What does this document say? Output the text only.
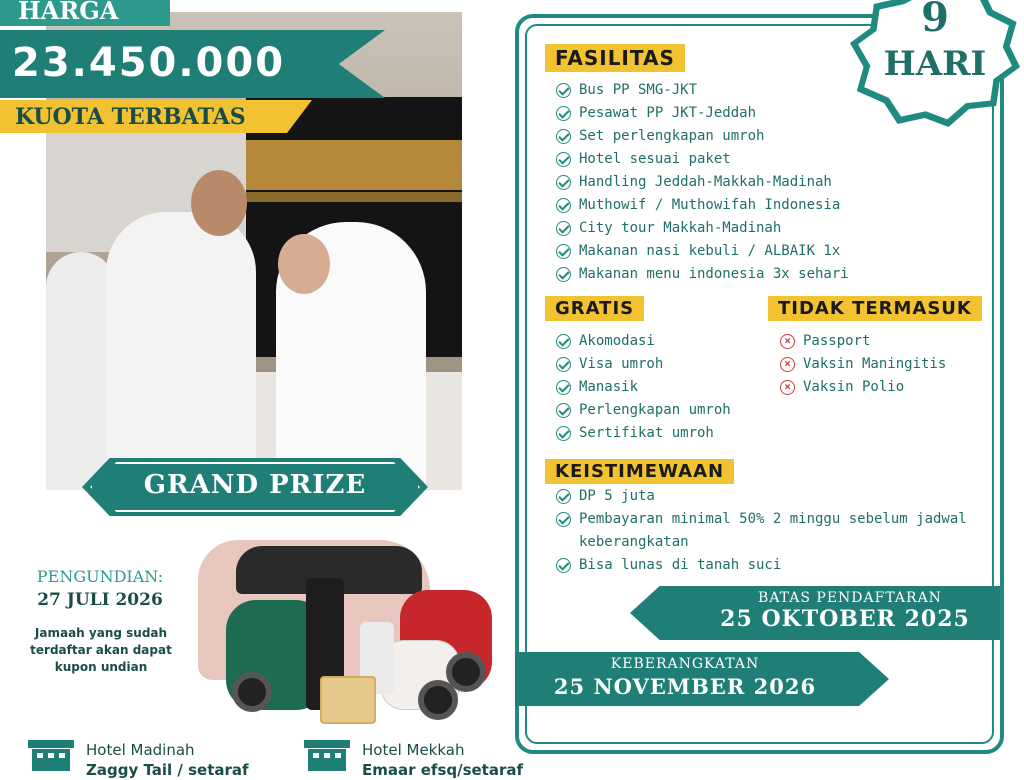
HARGA
23.450.000
KUOTA TERBATAS
GRAND PRIZE
PENGUNDIAN:
27 JULI 2026
Jamaah yang sudah terdaftar akan dapat kupon undian
Hotel Madinah
Zaggy Tail / setaraf
Hotel Mekkah
Emaar efsq/setaraf
9
HARI
FASILITAS
Bus PP SMG-JKT
Pesawat PP JKT-Jeddah
Set perlengkapan umroh
Hotel sesuai paket
Handling Jeddah-Makkah-Madinah
Muthowif / Muthowifah Indonesia
City tour Makkah-Madinah
Makanan nasi kebuli / ALBAIK 1x
Makanan menu indonesia 3x sehari
GRATIS
Akomodasi
Visa umroh
Manasik
Perlengkapan umroh
Sertifikat umroh
TIDAK TERMASUK
× Passport
× Vaksin Maningitis
× Vaksin Polio
KEISTIMEWAAN
DP 5 juta
Pembayaran minimal 50% 2 minggu sebelum jadwal keberangkatan
Bisa lunas di tanah suci
BATAS PENDAFTARAN
25 OKTOBER 2025
KEBERANGKATAN
25 NOVEMBER 2026
